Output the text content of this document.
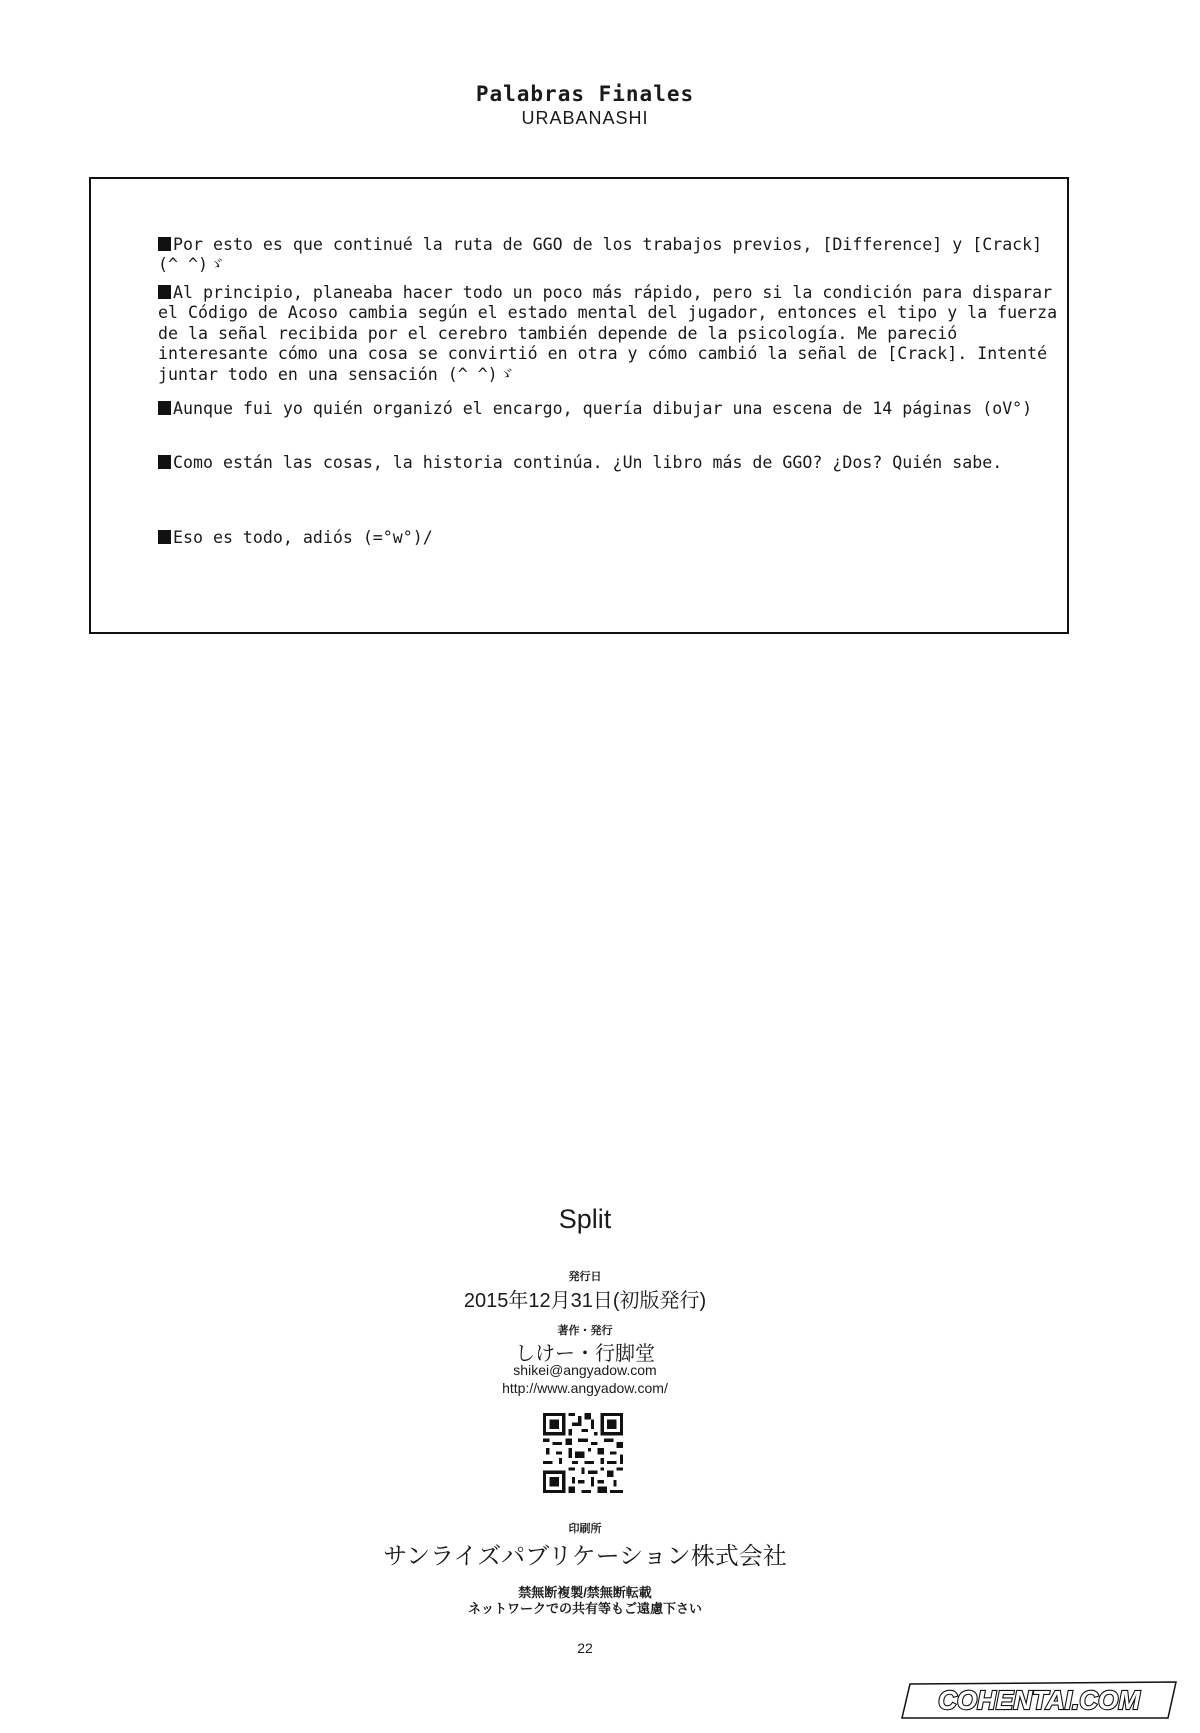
Palabras Finales
URABANASHI

Por esto es que continué la ruta de GGO de los trabajos previos, [Difference] y [Crack] (^ ^)ゞ

Al principio, planeaba hacer todo un poco más rápido, pero si la condición para disparar el Código de Acoso cambia según el estado mental del jugador, entonces el tipo y la fuerza de la señal recibida por el cerebro también depende de la psicología. Me pareció interesante cómo una cosa se convirtió en otra y cómo cambió la señal de [Crack]. Intenté juntar todo en una sensación (^ ^)ゞ

Aunque fui yo quién organizó el encargo, quería dibujar una escena de 14 páginas (oV°)

Como están las cosas, la historia continúa. ¿Un libro más de GGO? ¿Dos? Quién sabe.

Eso es todo, adiós (=°w°)/

Split
発行日
2015年12月31日(初版発行)
著作・発行
しけー・行脚堂
shikei@angyadow.com
http://www.angyadow.com/
印刷所
サンライズパブリケーション株式会社
禁無断複製/禁無断転載
ネットワークでの共有等もご遠慮下さい
22
COHENTAI.COM
